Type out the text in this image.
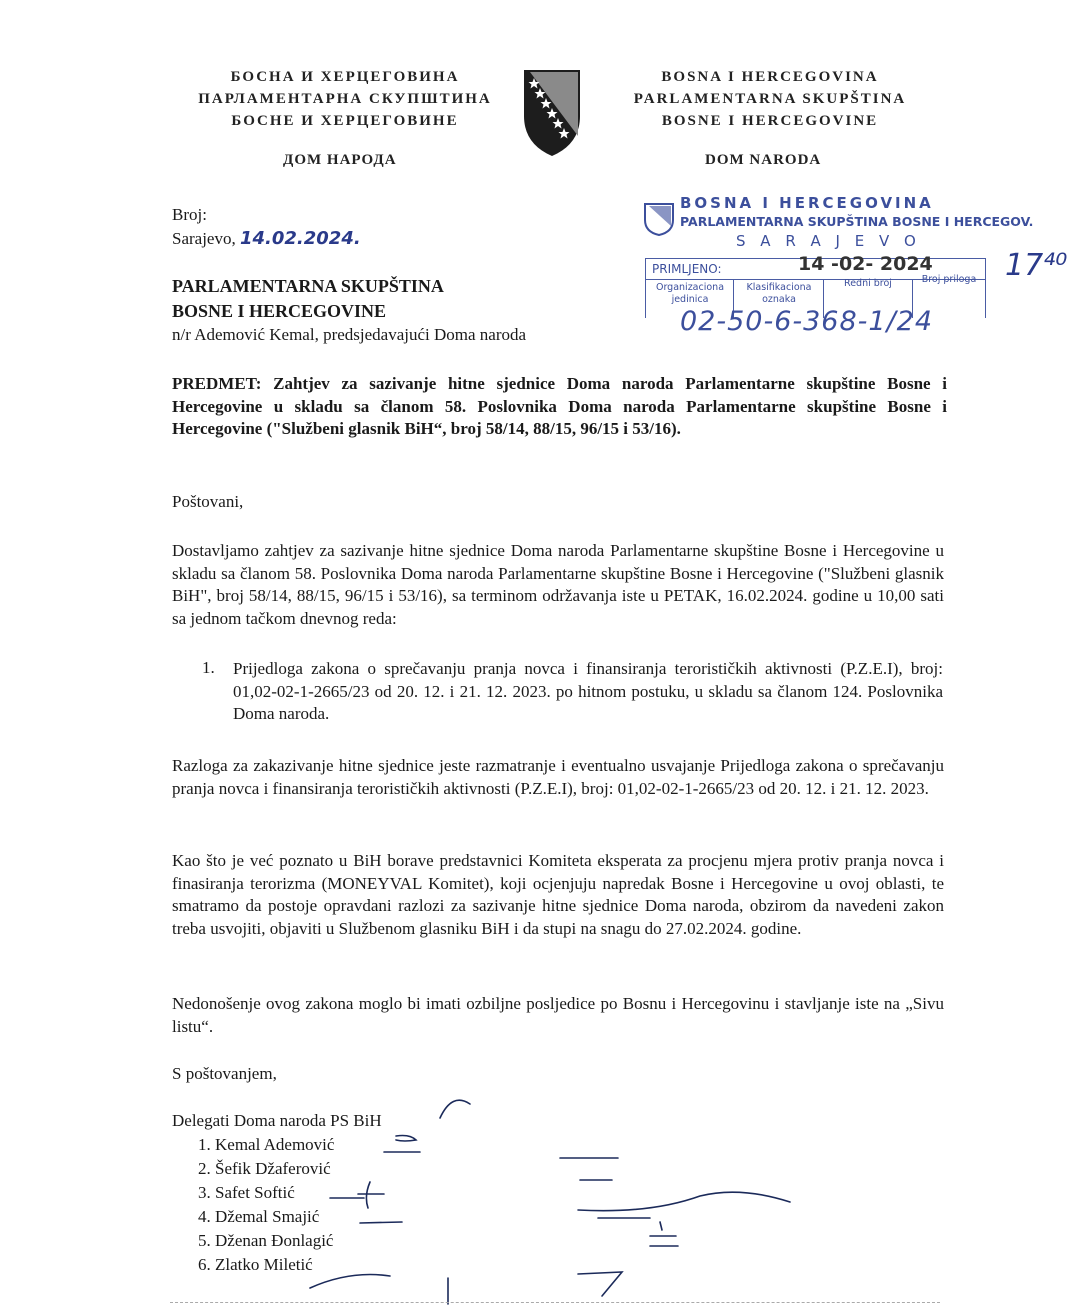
БОСНА И ХЕРЦЕГОВИНА
ПАРЛАМЕНТАРНА СКУПШТИНА
БОСНЕ И ХЕРЦЕГОВИНЕ
BOSNA I HERCEGOVINA
PARLAMENTARNA SKUPŠTINA
BOSNE I HERCEGOVINE
ДОМ НАРОДА	DOM NARODA
BOSNA I HERCEGOVINA
PARLAMENTARNA SKUPŠTINA BOSNE I HERCEGOV.
S A R A J E V O
PRIMLJENO:	14 -02- 2024
Organizaciona jedinica
Klasifikaciona oznaka
Redni broj	Broj priloga
02-50-6-368-1/24
17⁴⁰
Broj:
Sarajevo, 14.02.2024.
PARLAMENTARNA SKUPŠTINA
BOSNE I HERCEGOVINE
n/r Ademović Kemal, predsjedavajući Doma naroda
PREDMET: Zahtjev za sazivanje hitne sjednice Doma naroda Parlamentarne skupštine Bosne i Hercegovine u skladu sa članom 58. Poslovnika Doma naroda Parlamentarne skupštine Bosne i Hercegovine ("Službeni glasnik BiH“, broj 58/14, 88/15, 96/15 i 53/16).
Poštovani,
Dostavljamo zahtjev za sazivanje hitne sjednice Doma naroda Parlamentarne skupštine Bosne i Hercegovine u skladu sa članom 58. Poslovnika Doma naroda Parlamentarne skupštine Bosne i Hercegovine ("Službeni glasnik BiH", broj 58/14, 88/15, 96/15 i 53/16), sa terminom održavanja iste u PETAK, 16.02.2024. godine u 10,00 sati sa jednom tačkom dnevnog reda:
1. Prijedloga zakona o sprečavanju pranja novca i finansiranja terorističkih aktivnosti (P.Z.E.I), broj: 01,02-02-1-2665/23 od 20. 12. i 21. 12. 2023. po hitnom postuku, u skladu sa članom 124. Poslovnika Doma naroda.
Razloga za zakazivanje hitne sjednice jeste razmatranje i eventualno usvajanje Prijedloga zakona o sprečavanju pranja novca i finansiranja terorističkih aktivnosti (P.Z.E.I), broj: 01,02-02-1-2665/23 od 20. 12. i 21. 12. 2023.
Kao što je već poznato u BiH borave predstavnici Komiteta eksperata za procjenu mjera protiv pranja novca i finasiranja terorizma (MONEYVAL Komitet), koji ocjenjuju napredak Bosne i Hercegovine u ovoj oblasti, te smatramo da postoje opravdani razlozi za sazivanje hitne sjednice Doma naroda, obzirom da navedeni zakon treba usvojiti, objaviti u Službenom glasniku BiH i da stupi na snagu do 27.02.2024. godine.
Nedonošenje ovog zakona moglo bi imati ozbiljne posljedice po Bosnu i Hercegovinu i stavljanje iste na „Sivu listu“.
S poštovanjem,
Delegati Doma naroda PS BiH
1. Kemal Ademović
2. Šefik Džaferović
3. Safet Softić
4. Džemal Smajić
5. Dženan Đonlagić
6. Zlatko Miletić
